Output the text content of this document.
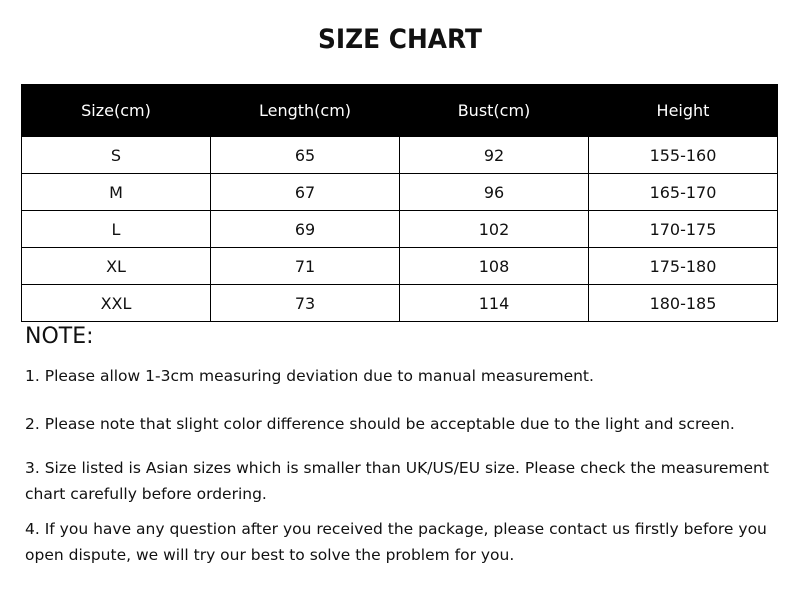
SIZE CHART
Size(cm)	Length(cm)	Bust(cm)	Height
S	65	92	155-160
M	67	96	165-170
L	69	102	170-175
XL	71	108	175-180
XXL	73	114	180-185
NOTE:
1. Please allow 1-3cm measuring deviation due to manual measurement.
2. Please note that slight color difference should be acceptable due to the light and screen.
3. Size listed is Asian sizes which is smaller than UK/US/EU size. Please check the measurement chart carefully before ordering.
4. If you have any question after you received the package, please contact us firstly before you open dispute, we will try our best to solve the problem for you.
